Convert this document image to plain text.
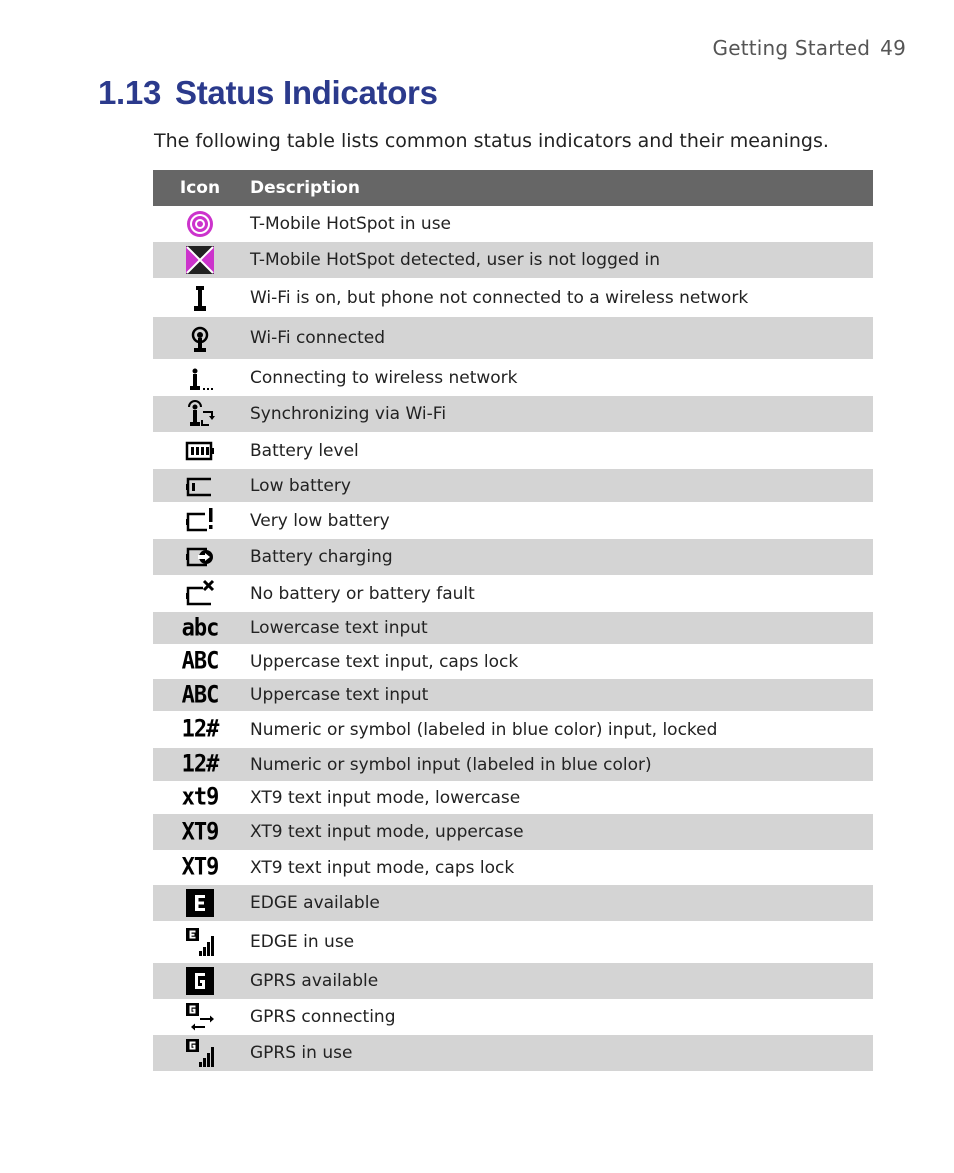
Getting Started 49
1.13 Status Indicators

The following table lists common status indicators and their meanings.

Icon	Description

	T-Mobile HotSpot in use

	T-Mobile HotSpot detected, user is not logged in

	Wi-Fi is on, but phone not connected to a wireless network

	Wi-Fi connected

	Connecting to wireless network

	Synchronizing via Wi-Fi

	Battery level

	Low battery

	Very low battery

	Battery charging

	No battery or battery fault
abc	Lowercase text input
ABC	Uppercase text input, caps lock
ABC	Uppercase text input
12#	Numeric or symbol (labeled in blue color) input, locked
12#	Numeric or symbol input (labeled in blue color)
xt9	XT9 text input mode, lowercase
XT9	XT9 text input mode, uppercase
XT9	XT9 text input mode, caps lock

	EDGE available

	EDGE in use

	GPRS available

	GPRS connecting

	GPRS in use
